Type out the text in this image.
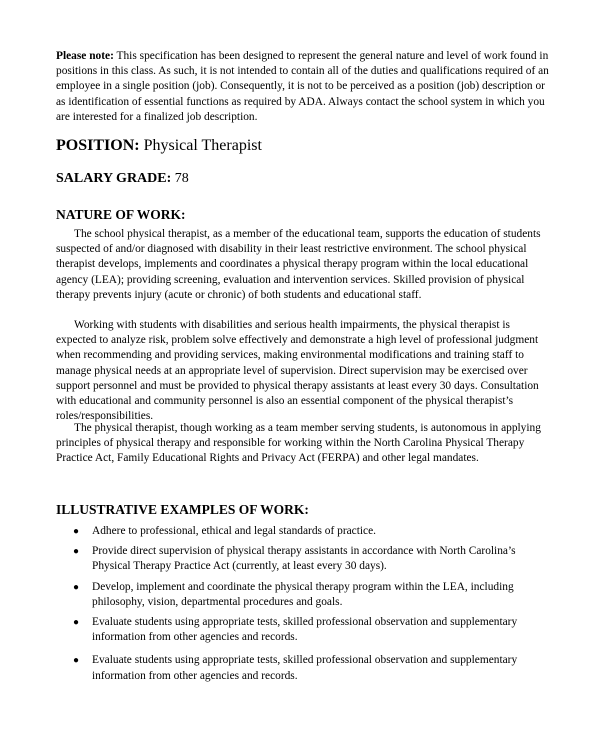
Please note: This specification has been designed to represent the general nature and level of work found in positions in this class. As such, it is not intended to contain all of the duties and qualifications required of an employee in a single position (job). Consequently, it is not to be perceived as a position (job) description or as identification of essential functions as required by ADA. Always contact the school system in which you are interested for a finalized job description.

POSITION: Physical Therapist
SALARY GRADE: 78
NATURE OF WORK:

The school physical therapist, as a member of the educational team, supports the education of students suspected of and/or diagnosed with disability in their least restrictive environment. The school physical therapist develops, implements and coordinates a physical therapy program within the local educational agency (LEA); providing screening, evaluation and intervention services. Skilled provision of physical therapy prevents injury (acute or chronic) of both students and educational staff.

Working with students with disabilities and serious health impairments, the physical therapist is expected to analyze risk, problem solve effectively and demonstrate a high level of professional judgment when recommending and providing services, making environmental modifications and training staff to manage physical needs at an appropriate level of supervision. Direct supervision may be exercised over support personnel and must be provided to physical therapy assistants at least every 30 days. Consultation with educational and community personnel is also an essential component of the physical therapist’s roles/responsibilities.

The physical therapist, though working as a team member serving students, is autonomous in applying principles of physical therapy and responsible for working within the North Carolina Physical Therapy Practice Act, Family Educational Rights and Privacy Act (FERPA) and other legal mandates.

ILLUSTRATIVE EXAMPLES OF WORK:
● Adhere to professional, ethical and legal standards of practice.
● Provide direct supervision of physical therapy assistants in accordance with North Carolina’s Physical Therapy Practice Act (currently, at least every 30 days).
● Develop, implement and coordinate the physical therapy program within the LEA, including philosophy, vision, departmental procedures and goals.
● Evaluate students using appropriate tests, skilled professional observation and supplementary information from other agencies and records.
● Evaluate students using appropriate tests, skilled professional observation and supplementary information from other agencies and records.
